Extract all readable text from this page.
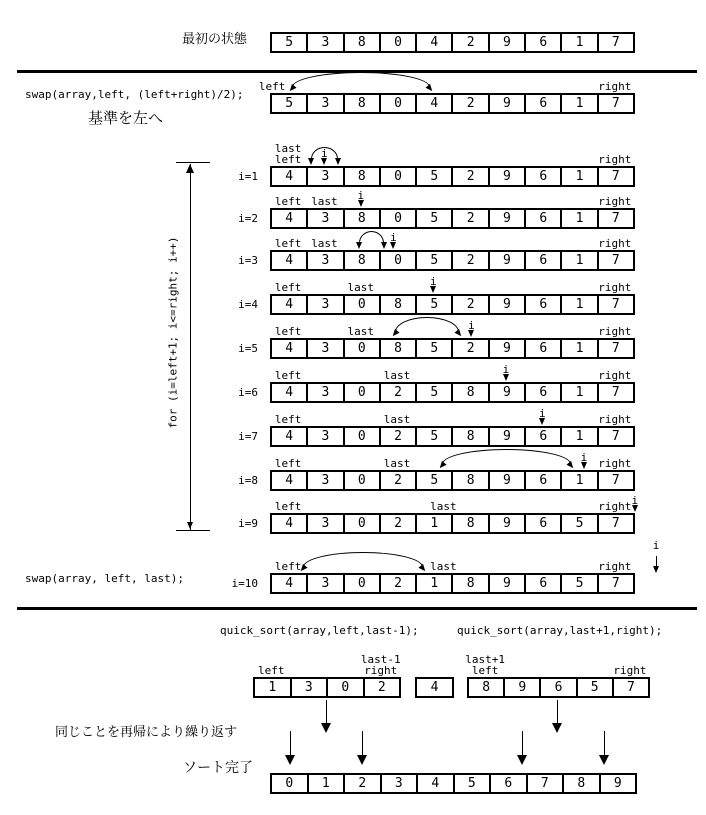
最初の状態
swap(array,left, (left+right)/2);
基準を左へ
for (i=left+1; i<=right; i++)
swap(array, left, last);
quick_sort(array,left,last-1);	quick_sort(array,last+1,right);
同じことを再帰により繰り返す
ソート完了
5	3	8	0	4	2	9	6	1	7
5	3	8	0	4	2	9	6	1	7
left	right
4	3	8	0	5	2	9	6	1	7
last
left	right
i
i=1
4	3	8	0	5	2	9	6	1	7
left last	right
i
i=2
4	3	8	0	5	2	9	6	1	7
left last	right
i
i=3
4	3	0	8	5	2	9	6	1	7
left	last	right
i
i=4
4	3	0	8	5	2	9	6	1	7
left	last	right
i
i=5
4	3	0	2	5	8	9	6	1	7
left	last	right
i
i=6
4	3	0	2	5	8	9	6	1	7
left	last	right
i
i=7
4	3	0	2	5	8	9	6	1	7
left	last	right
i
i=8
4	3	0	2	1	8	9	6	5	7
left	last	right i
i=9
4	3	0	2	1	8	9	6	5	7
left	last	right
i=10
i
1	3	0	2
left
last-1
right
4	8	9	6	5	7
last+1
left	right
0	1	2	3	4	5	6	7	8	9
